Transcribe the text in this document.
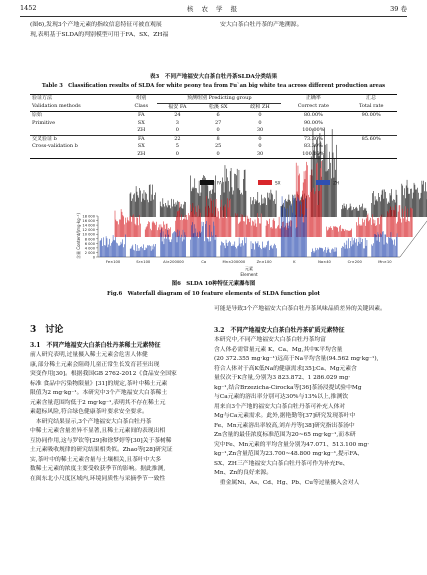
1452	核 农 学 报	39 卷
(图6),发现3个产地元素的指纹信息特征可被直观展
现,表明基于SLDA的判别模型可用于FA、SX、ZH福
安大白茶白牡丹茶的产地溯源。
表3　不同产地福安大白茶白牡丹茶SLDA分类结果
Table 3　Classification results of SLDA for white peony tea from Fu`an big white tea across different production areas
验证方法	组别	预测组别 Predicting group			正确率	汇总
Validation methods	Class	福安 FA	松溪 SX	政和 ZH	Correct rate	Total rate
原始	FA	24	6	0	80.00%	90.00%
Primitive	SX	3	27	0	90.00%	
	ZH	0	0	30	100.00%	
交叉验证 b	FA	22	8	0	73.30%	85.60%
Cross-validation b	SX	5	25	0	83.30%	
	ZH	0	0	30	100.00%	
0
2 000
4 000
6 000
8 000
10 000
12 000
14 000
16 000
18 000
含量 Content/(mg·kg⁻¹)
Fe×100	Sr×100	Al×200000	Ca	Mn×200000	Zn×100	K	Na×40	Cr×200	Mn×10
元素
Element
FA	SX	ZH
图6　SLDA 10种特征元素瀑布图
Fig.6　Waterfall diagram of 10 feature elements of SLDA function plot
可能是导致3个产地福安大白茶白牡丹茶风味品质差异的关键因素。
3　讨论
3.1　不同产地福安大白茶白牡丹茶稀土元素特征
前人研究表明,过量摄入稀土元素会危害人体健
康,部分稀土元素会阻碍儿童正常生长发育甚至出现
突变作用[30]。根据我国GB 2762-2012《食品安全国家
标准 食品中污染物限量》[31]的规定,茶叶中稀土元素
限值为2 mg·kg⁻¹。本研究中3个产地福安大白茶稀土
元素含量范围均低于2 mg·kg⁻¹,表明其不存在稀土元
素超标风险,符合绿色健康茶叶要求安全要求。
　本研究结果显示,3个产地福安大白茶白牡丹茶
中稀土元素含量差异不显著,且稀土元素间的表现出相
互协同作用,这与罗钦等[29]和徐梦婷等[30]关于茶树稀
土元素吸收规律的研究结果相类似。Zhao等[28]研究证
实,茶叶中的稀土元素含量与土壤相关,且茶叶中大多
数稀土元素的浓度主要受收获季节的影响。据此推测,
在闽东北小尺度区域内,环境同质性与采摘季节一致性
3.2　不同产地福安大白茶白牡丹茶矿质元素特征
本研究中,不同产地福安大白茶白牡丹茶均富
含人体必需常量元素 K、Ca、Mg,其中K平均含量
(20 372.355 mg·kg⁻¹)远高于Na平均含量(94.562 mg·kg⁻¹),
符合人体对于高K低Na的健康需求[35];Ca、Mg元素含
量仅次于K含量,分别为3 823.872、1 286.029 mg·
kg⁻¹,结合Brzezicha-Cirocka等[36]茶汤浸提试验中Mg
与Ca元素的溶出率分别可达30%与13%以上,推测饮
用来自3个产地的福安大白茶白牡丹茶可补充人体对
Mg与Ca元素需求。此外,据艳勤等[37]研究发现茶叶中
Fe、Mn元素溶出率较高,刘卉丹等[38]研究指出茶汤中
Zn含量的最佳浓度标准范围为20~65 mg·kg⁻¹,而本研
究中Fe、Mn元素的平均含量分别为47.071、513.100 mg·
kg⁻¹,Zn含量范围为23.700~48.800 mg·kg⁻¹,提示FA、
SX、ZH三产地福安大白茶白牡丹茶可作为补充Fe、
Mn、Zn的良好来源。
　重金属Ni、As、Cd、Hg、Pb、Cu等过量摄入会对人
